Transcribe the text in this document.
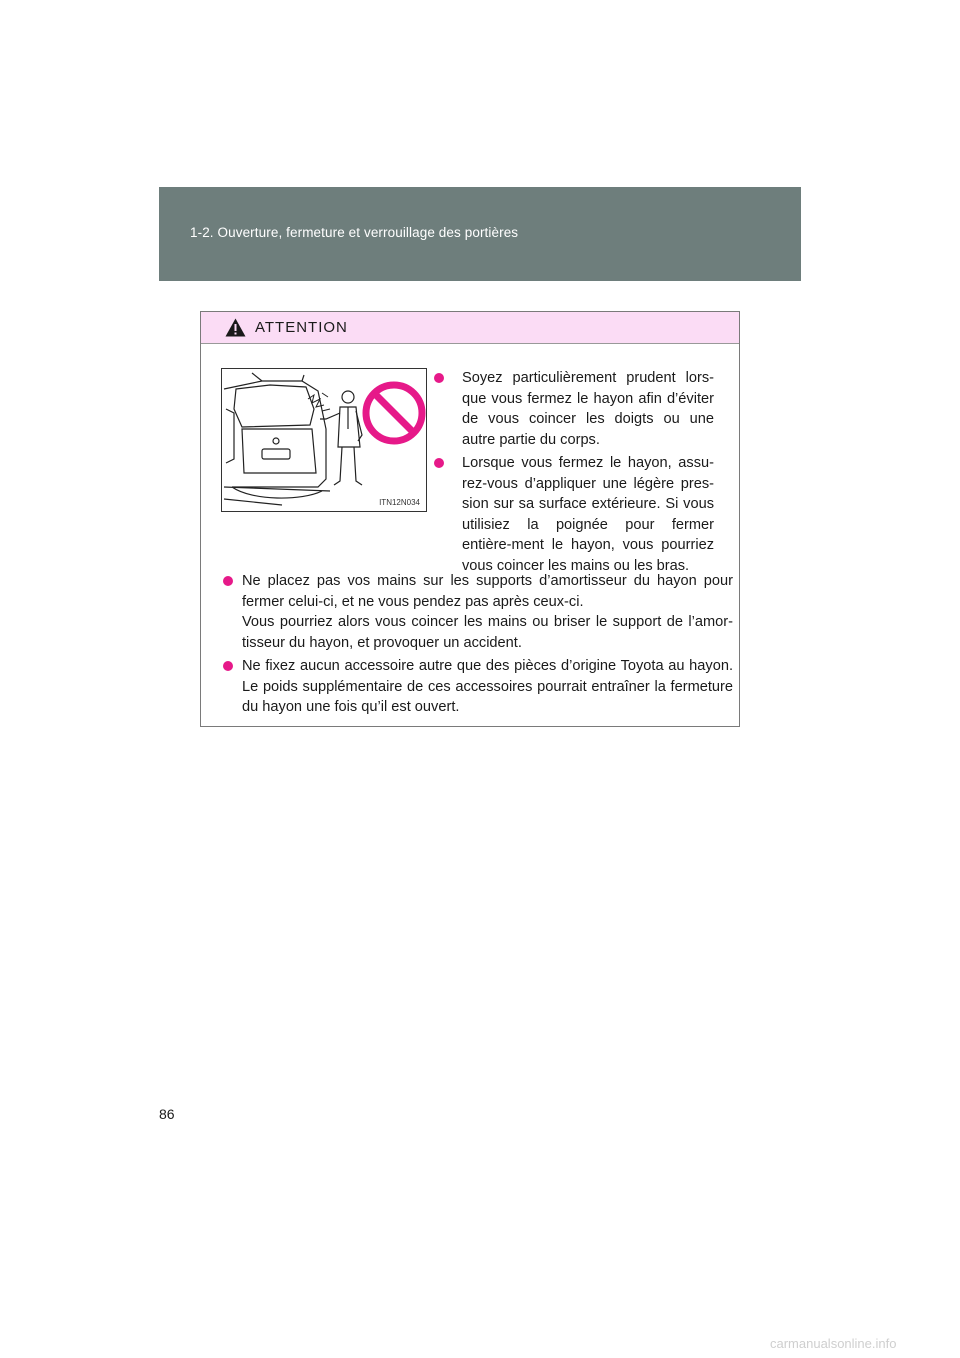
1-2. Ouverture, fermeture et verrouillage des portières
ATTENTION
ITN12N034
Soyez particulièrement prudent lors-que vous fermez le hayon afin d’éviter de vous coincer les doigts ou une autre partie du corps.
Lorsque vous fermez le hayon, assu-rez-vous d’appliquer une légère pres-sion sur sa surface extérieure. Si vous utilisiez la poignée pour fermer entière-ment le hayon, vous pourriez vous coincer les mains ou les bras.
Ne placez pas vos mains sur les supports d’amortisseur du hayon pour fermer celui-ci, et ne vous pendez pas après ceux-ci.
Vous pourriez alors vous coincer les mains ou briser le support de l’amor-tisseur du hayon, et provoquer un accident.
Ne fixez aucun accessoire autre que des pièces d’origine Toyota au hayon. Le poids supplémentaire de ces accessoires pourrait entraîner la fermeture du hayon une fois qu’il est ouvert.
86
carmanualsonline.info
